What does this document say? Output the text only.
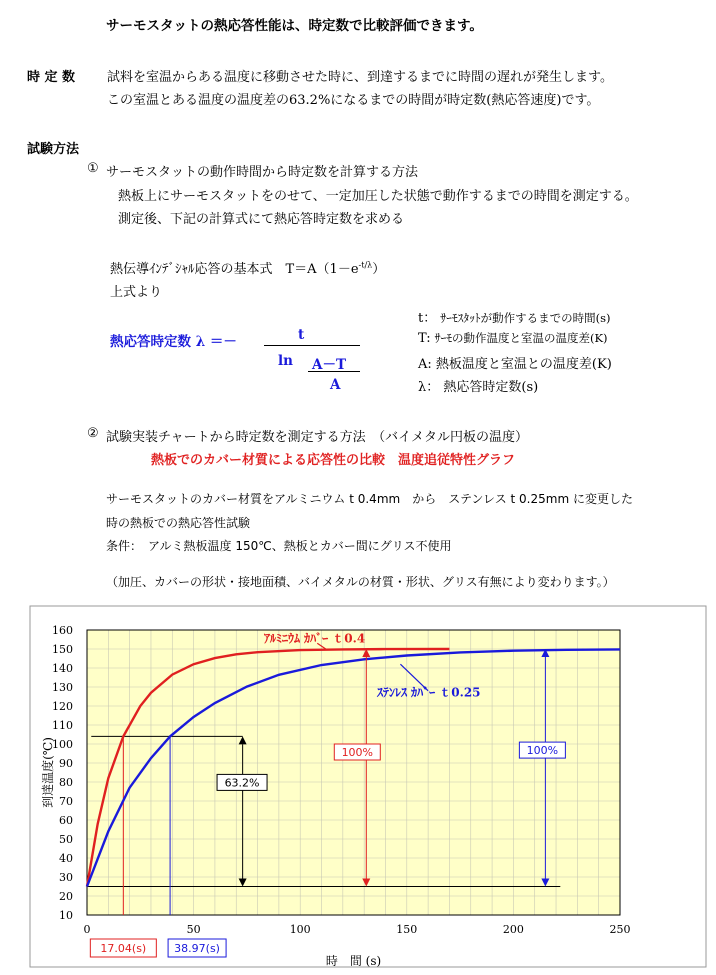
サーモスタットの熱応答性能は、時定数で比較評価できます。
時 定 数 試料を室温からある温度に移動させた時に、到達するまでに時間の遅れが発生します。
この室温とある温度の温度差の63.2%になるまでの時間が時定数(熱応答速度)です。
試験方法
① サーモスタットの動作時間から時定数を計算する方法
熱板上にサーモスタットをのせて、一定加圧した状態で動作するまでの時間を測定する。
測定後、下記の計算式にて熱応答時定数を求める
熱伝導ｲﾝﾃﾞｼｬﾙ応答の基本式　$T=A(1-e^{-t/\lambda})$
上式より
熱応答時定数 λ ＝－	t
ln A－T
A
t： ｻｰﾓｽﾀｯﾄが動作するまでの時間(s)
T: ｻｰﾓの動作温度と室温の温度差(K)
A: 熱板温度と室温との温度差(K)
λ： 熱応答時定数(s)
② 試験実装チャートから時定数を測定する方法　（バイメタル円板の温度）
熱板でのカバー材質による応答性の比較　温度追従特性グラフ
サーモスタットのカバー材質をアルミニウム t 0.4mm　から　ステンレス t 0.25mm に変更した
時の熱板での熱応答性試験
条件：　アルミ熱板温度 150℃、熱板とカバー間にグリス不使用
（加圧、カバーの形状・接地面積、バイメタルの材質・形状、グリス有無により変わります。）
10
20
30
40
50
60
70
80
90
100
110
120
130
140
150
160
0	50	100	150	200	250
時　間 (s)
到達温度(℃)	63.2%
100%	100%
ｱﾙﾐﾆｳﾑ ｶﾊﾞｰ ｔ0.4
ｽﾃﾝﾚｽ ｶﾊﾞｰ ｔ0.25
17.04(s)	38.97(s)
